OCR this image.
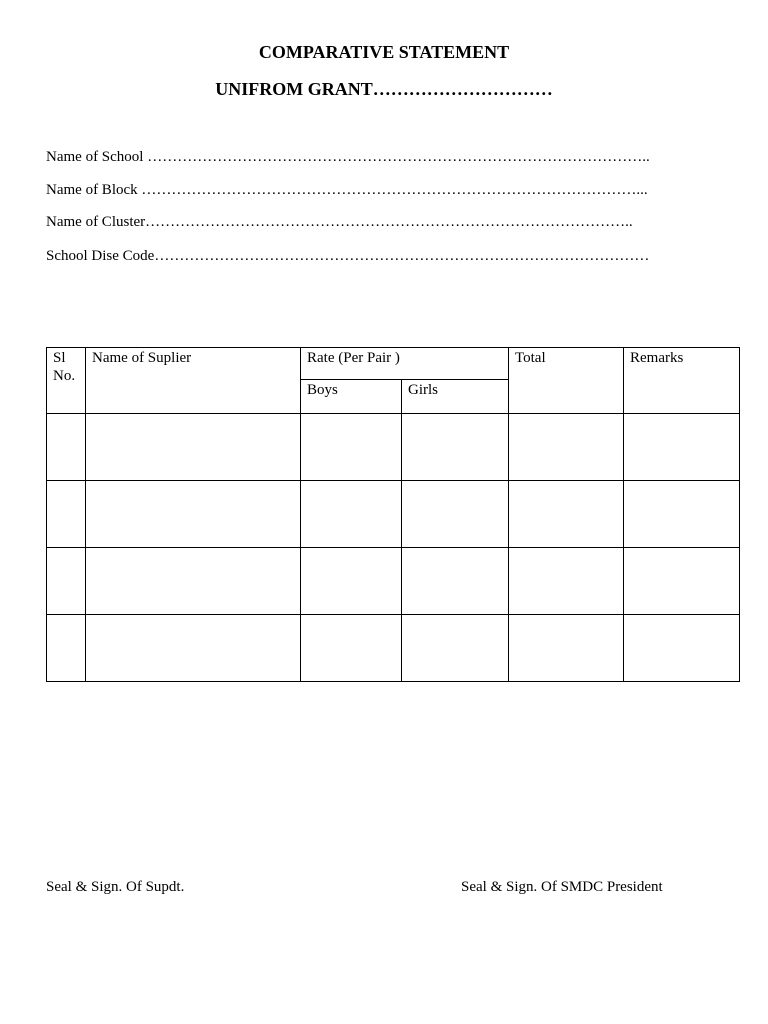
COMPARATIVE STATEMENT
UNIFROM GRANT…………………………
Name of School ………………………………………………………………………………………..
Name of Block ………………………………………………………………………………………...
Name of Cluster……………………………………………………………………………………..
School Dise Code………………………………………………………………………………………
Sl No.	Name of Suplier	Rate (Per Pair )		Total	Remarks
		Boys	Girls		

Seal & Sign. Of Supdt.	Seal & Sign. Of SMDC President
